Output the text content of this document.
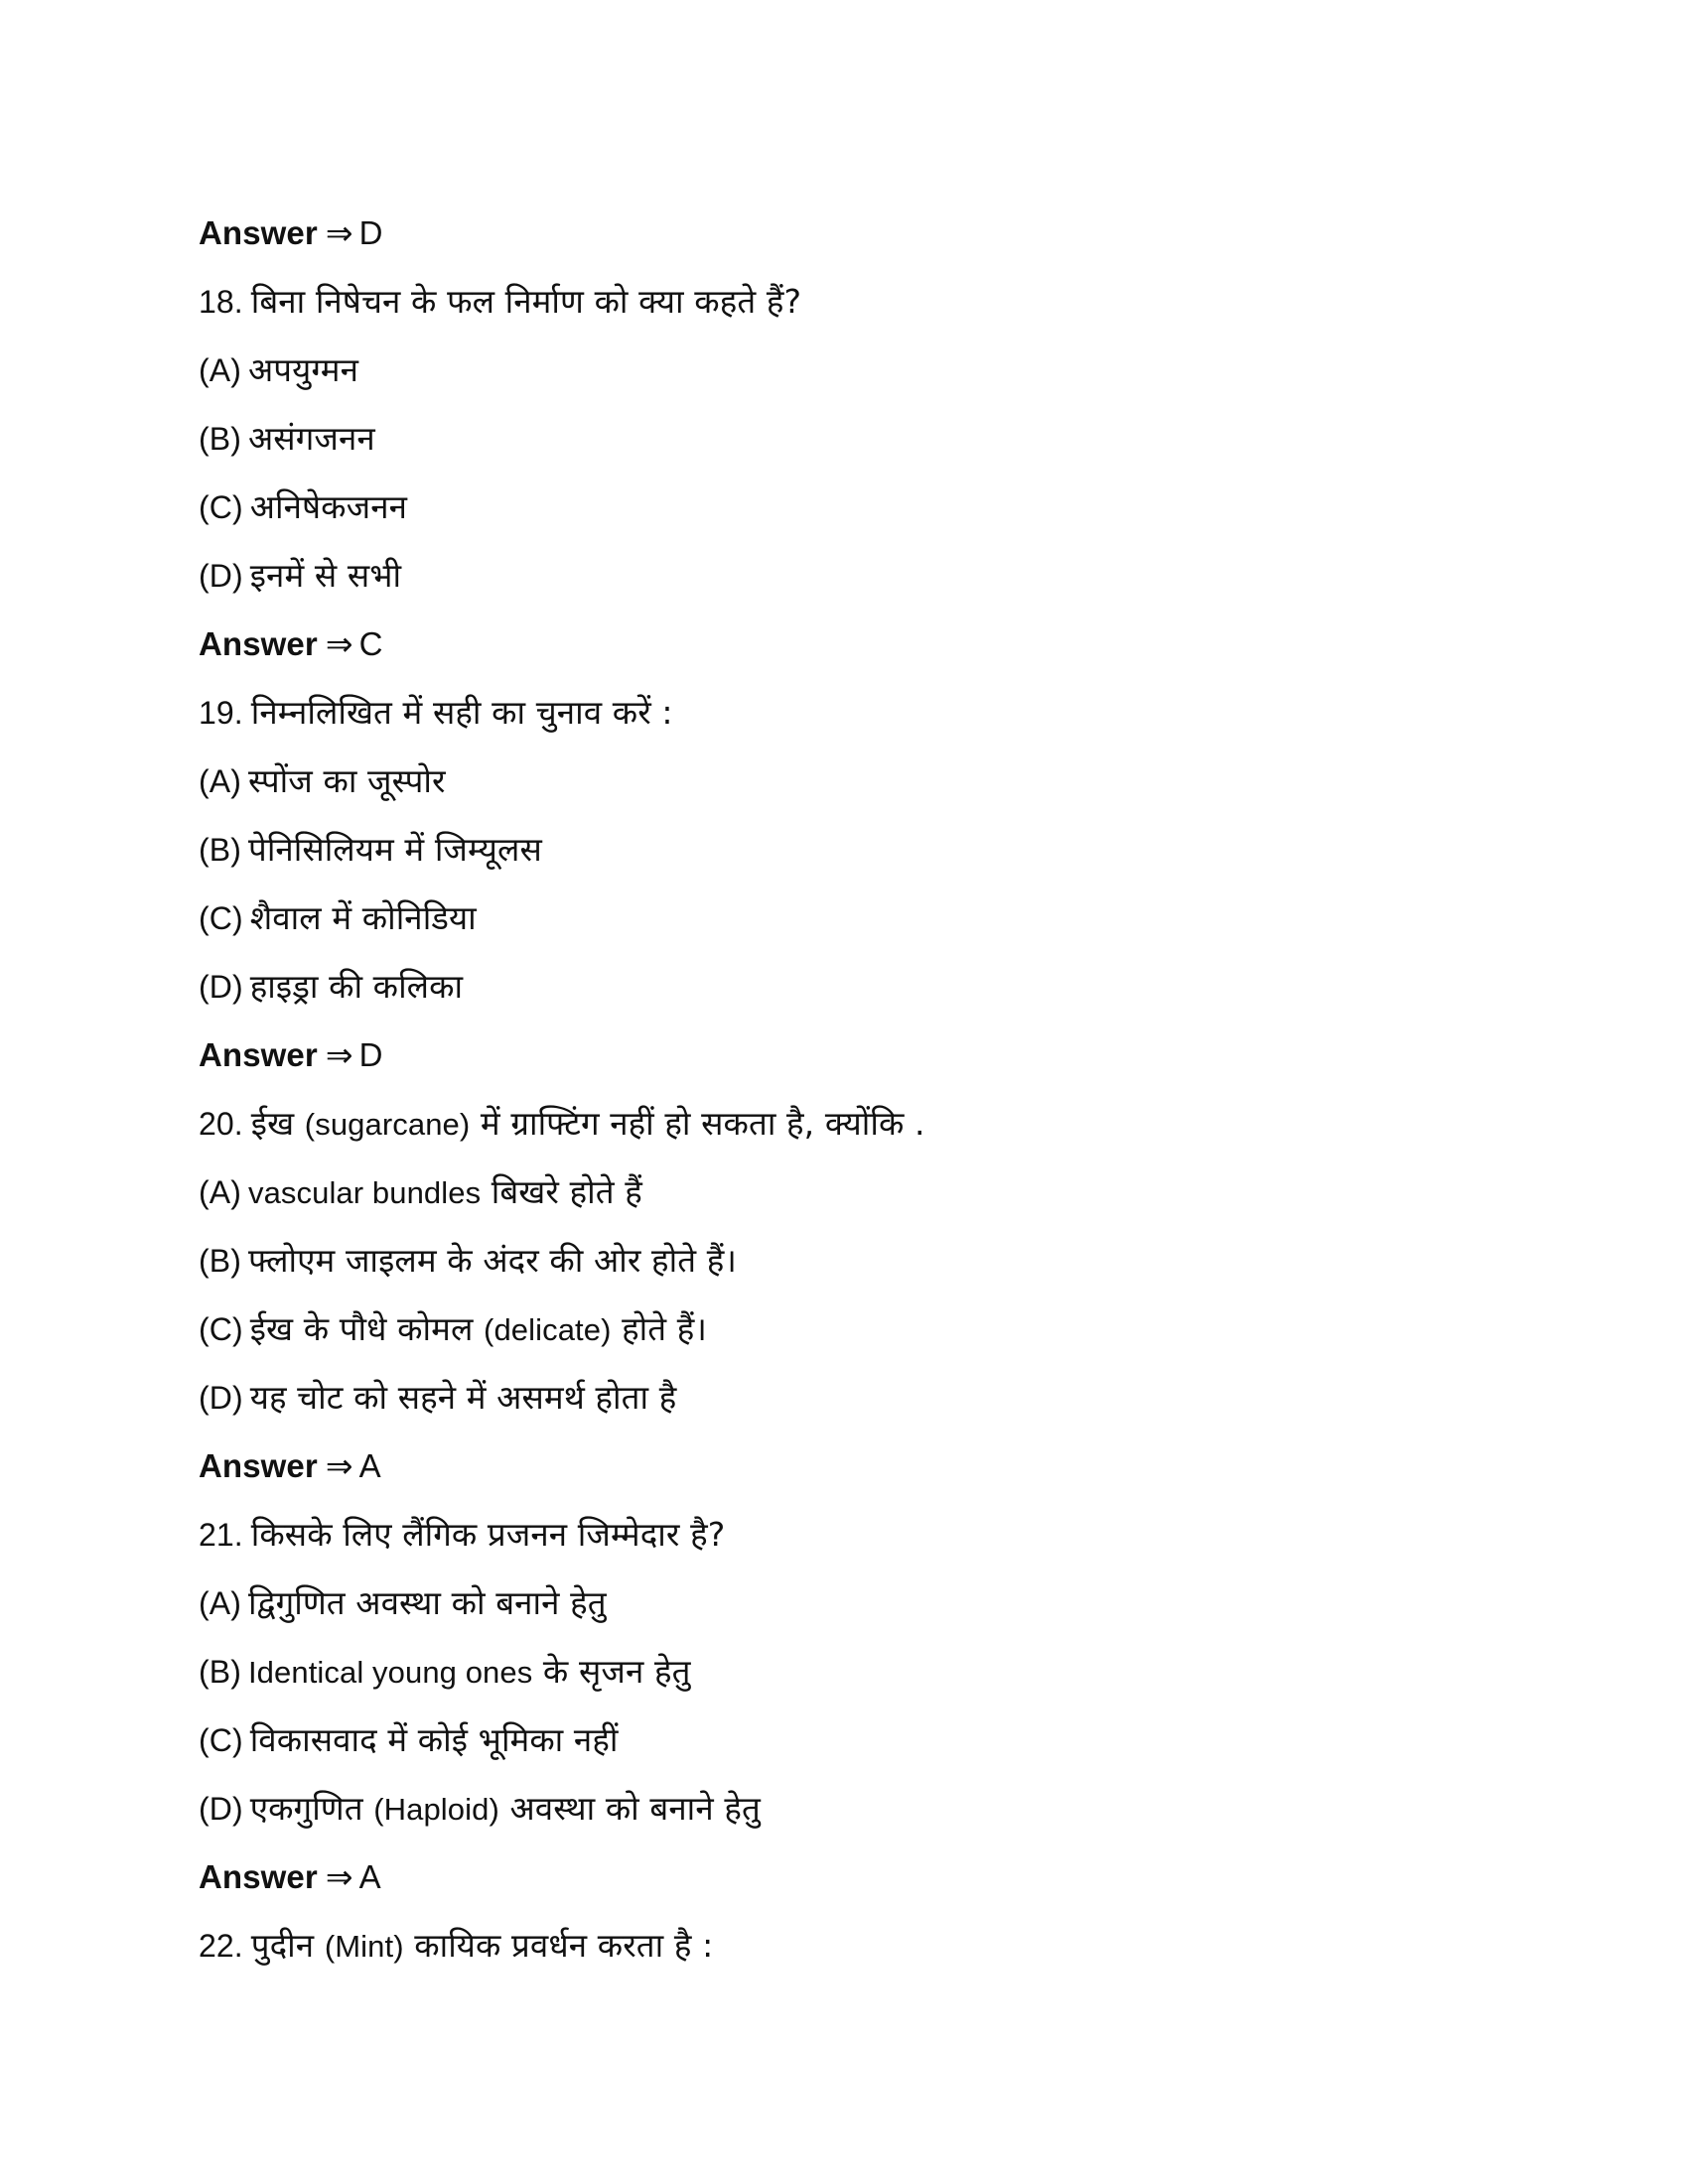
Answer ⇒ D
18. बिना निषेचन के फल निर्माण को क्या कहते हैं?
(A) अपयुग्मन
(B) असंगजनन
(C) अनिषेकजनन
(D) इनमें से सभी
Answer ⇒ C
19. निम्नलिखित में सही का चुनाव करें :
(A) स्पोंज का जूस्पोर
(B) पेनिसिलियम में जिम्यूलस
(C) शैवाल में कोनिडिया
(D) हाइड्रा की कलिका
Answer ⇒ D
20. ईख (sugarcane) में ग्राफ्टिंग नहीं हो सकता है, क्योंकि .
(A) vascular bundles बिखरे होते हैं
(B) फ्लोएम जाइलम के अंदर की ओर होते हैं।
(C) ईख के पौधे कोमल (delicate) होते हैं।
(D) यह चोट को सहने में असमर्थ होता है
Answer ⇒ A
21. किसके लिए लैंगिक प्रजनन जिम्मेदार है?
(A) द्विगुणित अवस्था को बनाने हेतु
(B) Identical young ones के सृजन हेतु
(C) विकासवाद में कोई भूमिका नहीं
(D) एकगुणित (Haploid) अवस्था को बनाने हेतु
Answer ⇒ A
22. पुदीन (Mint) कायिक प्रवर्धन करता है :
